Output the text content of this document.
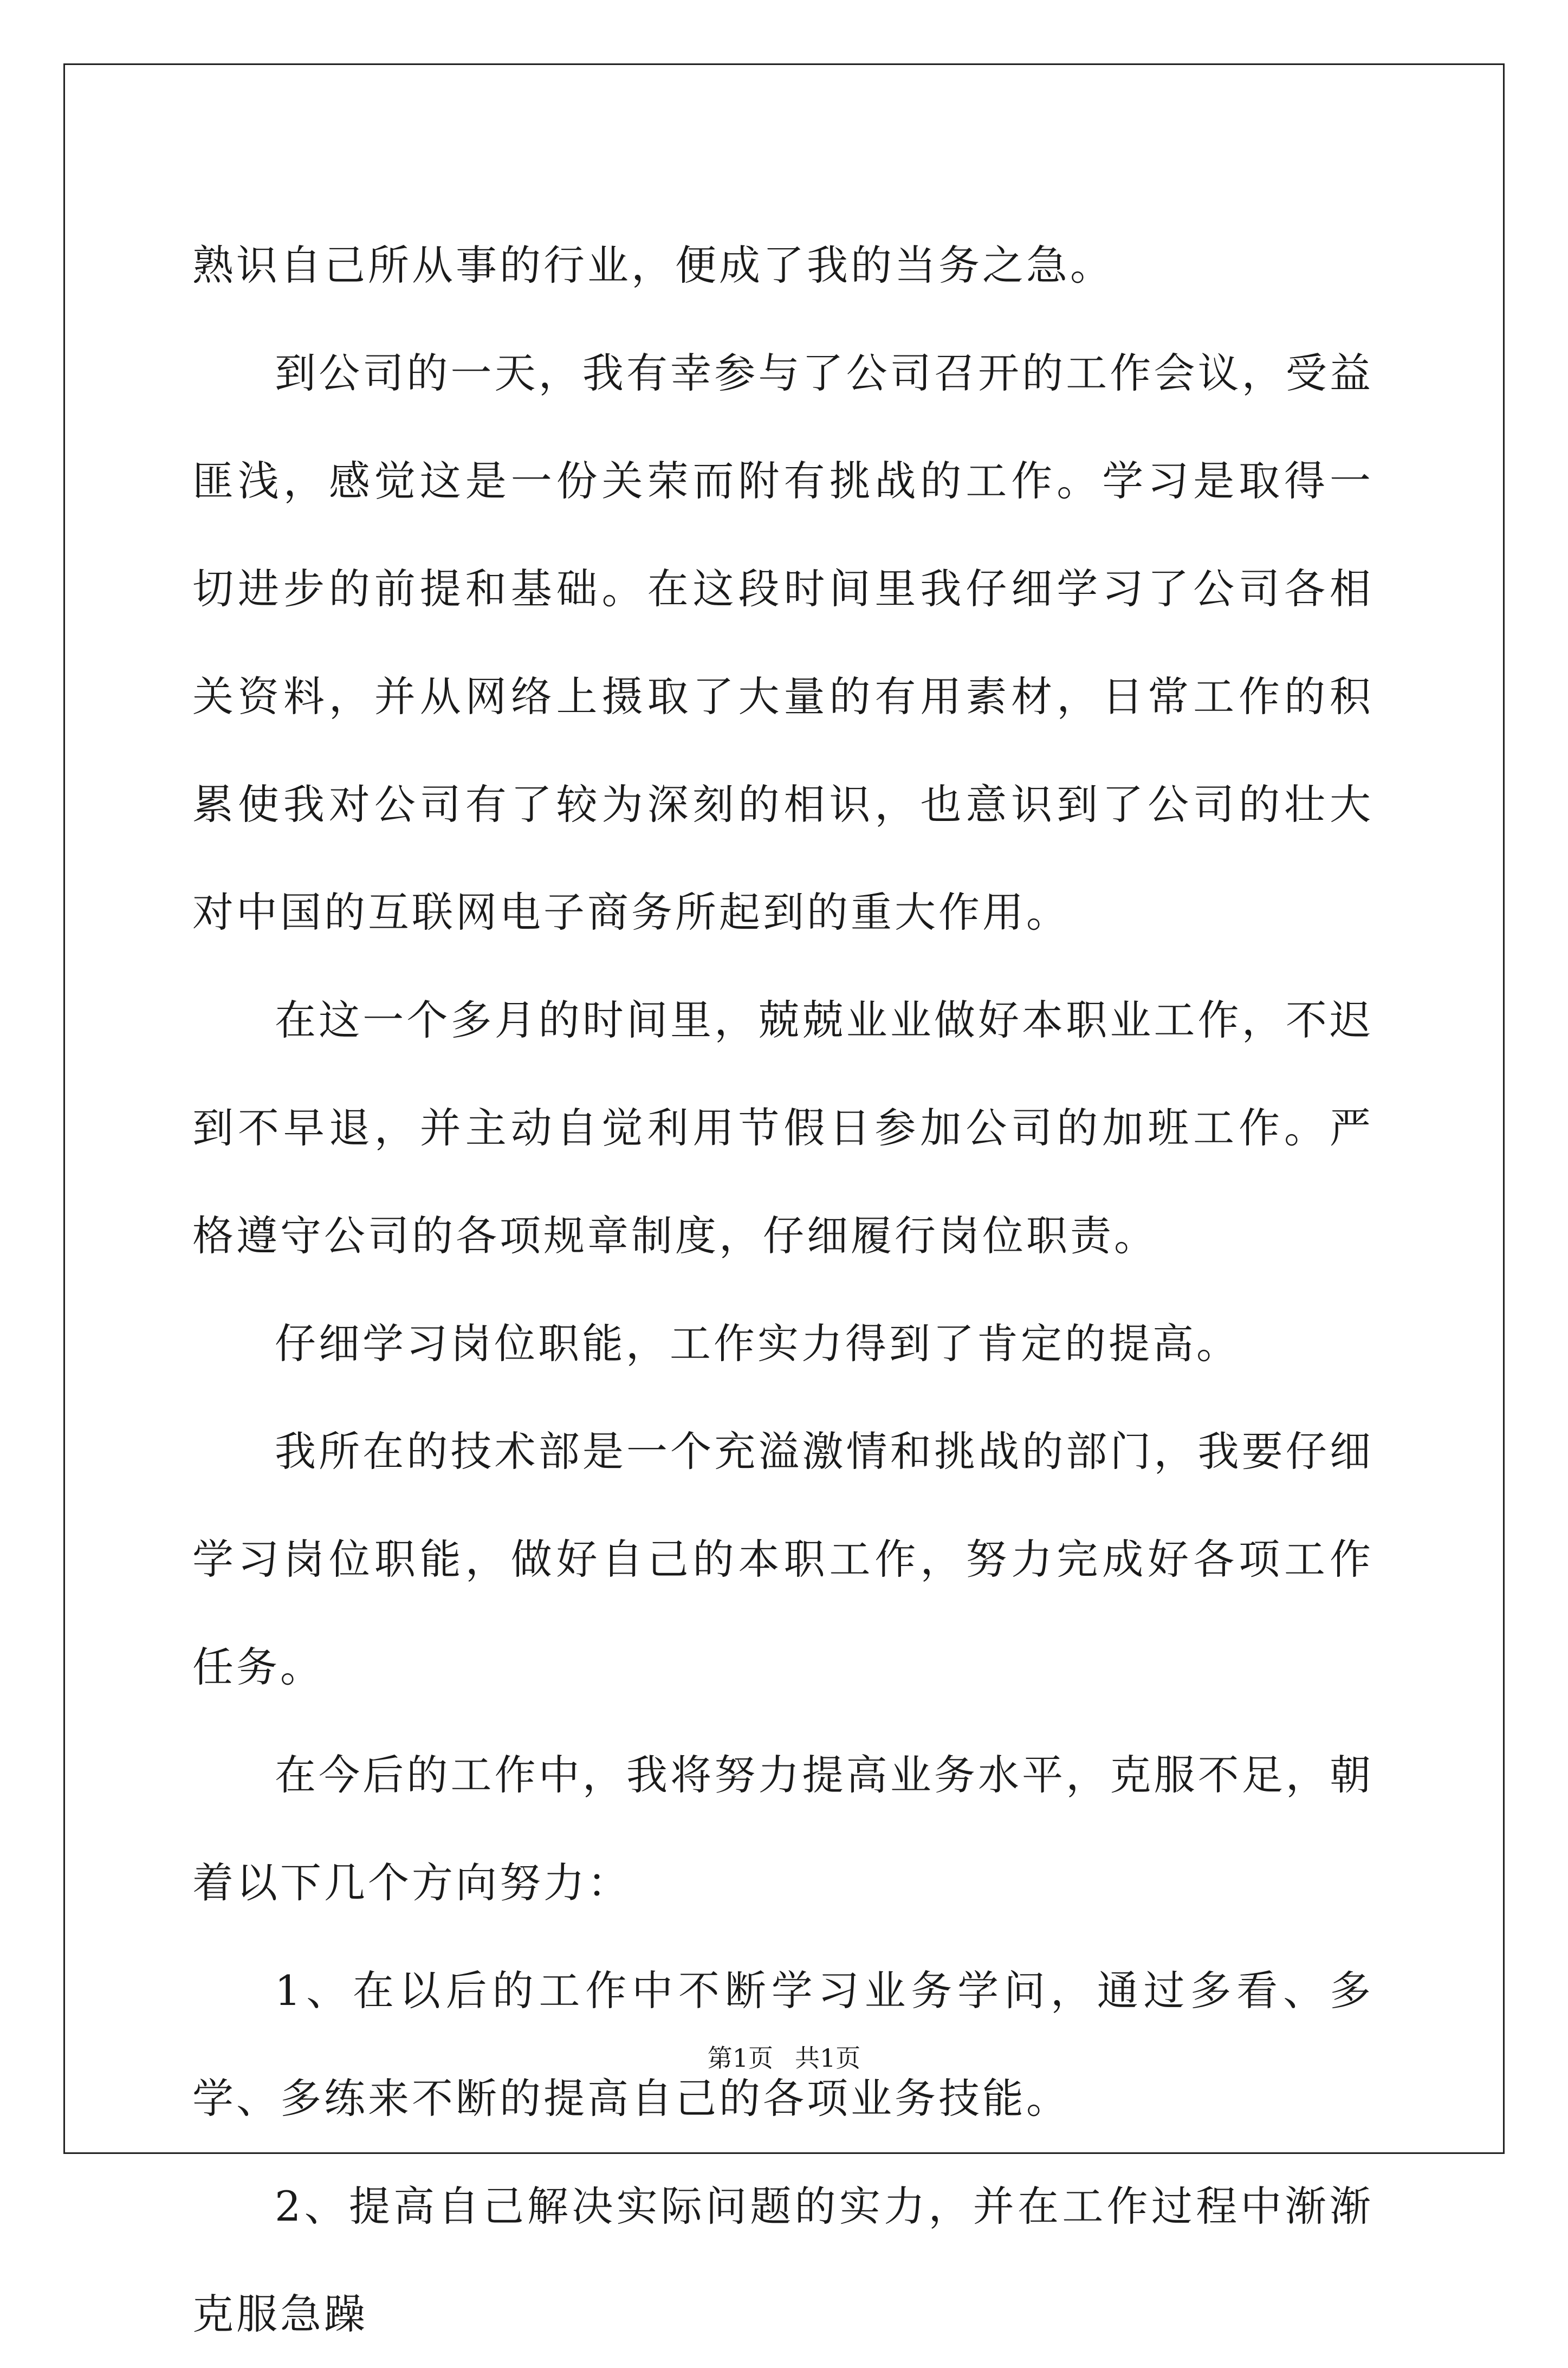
熟识自己所从事的行业，便成了我的当务之急。

到公司的一天，我有幸参与了公司召开的工作会议，受益匪浅，感觉这是一份关荣而附有挑战的工作。学习是取得一切进步的前提和基础。在这段时间里我仔细学习了公司各相关资料，并从网络上摄取了大量的有用素材，日常工作的积累使我对公司有了较为深刻的相识，也意识到了公司的壮大对中国的互联网电子商务所起到的重大作用。

在这一个多月的时间里，兢兢业业做好本职业工作，不迟到不早退，并主动自觉利用节假日参加公司的加班工作。严格遵守公司的各项规章制度，仔细履行岗位职责。

仔细学习岗位职能，工作实力得到了肯定的提高。

我所在的技术部是一个充溢激情和挑战的部门，我要仔细学习岗位职能，做好自己的本职工作，努力完成好各项工作任务。

在今后的工作中，我将努力提高业务水平，克服不足，朝着以下几个方向努力：

1、在以后的工作中不断学习业务学问，通过多看、多学、多练来不断的提高自己的各项业务技能。

2、提高自己解决实际问题的实力，并在工作过程中渐渐克服急躁

第1页 共1页
